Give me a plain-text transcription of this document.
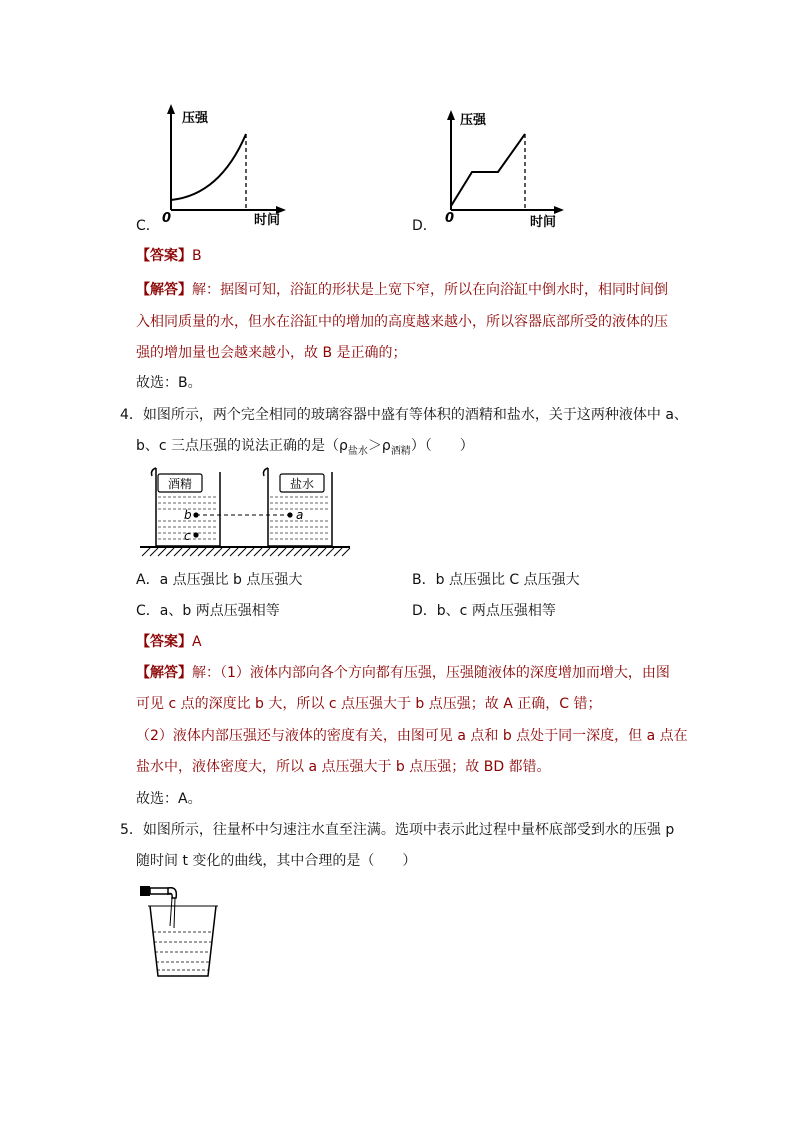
C．
压强
时间
0	D．
压强
时间
0
【答案】B
【解答】解：据图可知，浴缸的形状是上宽下窄，所以在向浴缸中倒水时，相同时间倒
入相同质量的水，但水在浴缸中的增加的高度越来越小，所以容器底部所受的液体的压
强的增加量也会越来越小，故 B 是正确的；
故选：B。
4．如图所示，两个完全相同的玻璃容器中盛有等体积的酒精和盐水，关于这两种液体中 a、
b、c 三点压强的说法正确的是$(\rho_{盐水}>\rho_{酒精})$（　　）
酒精	盐水
b	a
c
A．a 点压强比 b 点压强大	B．b 点压强比 C 点压强大
C．a、b 两点压强相等	D．b、c 两点压强相等
【答案】A
【解答】解：（1）液体内部向各个方向都有压强，压强随液体的深度增加而增大，由图
可见 c 点的深度比 b 大，所以 c 点压强大于 b 点压强；故 A 正确，C 错；
（2）液体内部压强还与液体的密度有关，由图可见 a 点和 b 点处于同一深度，但 a 点在
盐水中，液体密度大，所以 a 点压强大于 b 点压强；故 BD 都错。
故选：A。
5．如图所示，往量杯中匀速注水直至注满。选项中表示此过程中量杯底部受到水的压强 p
随时间 t 变化的曲线，其中合理的是（　　）
